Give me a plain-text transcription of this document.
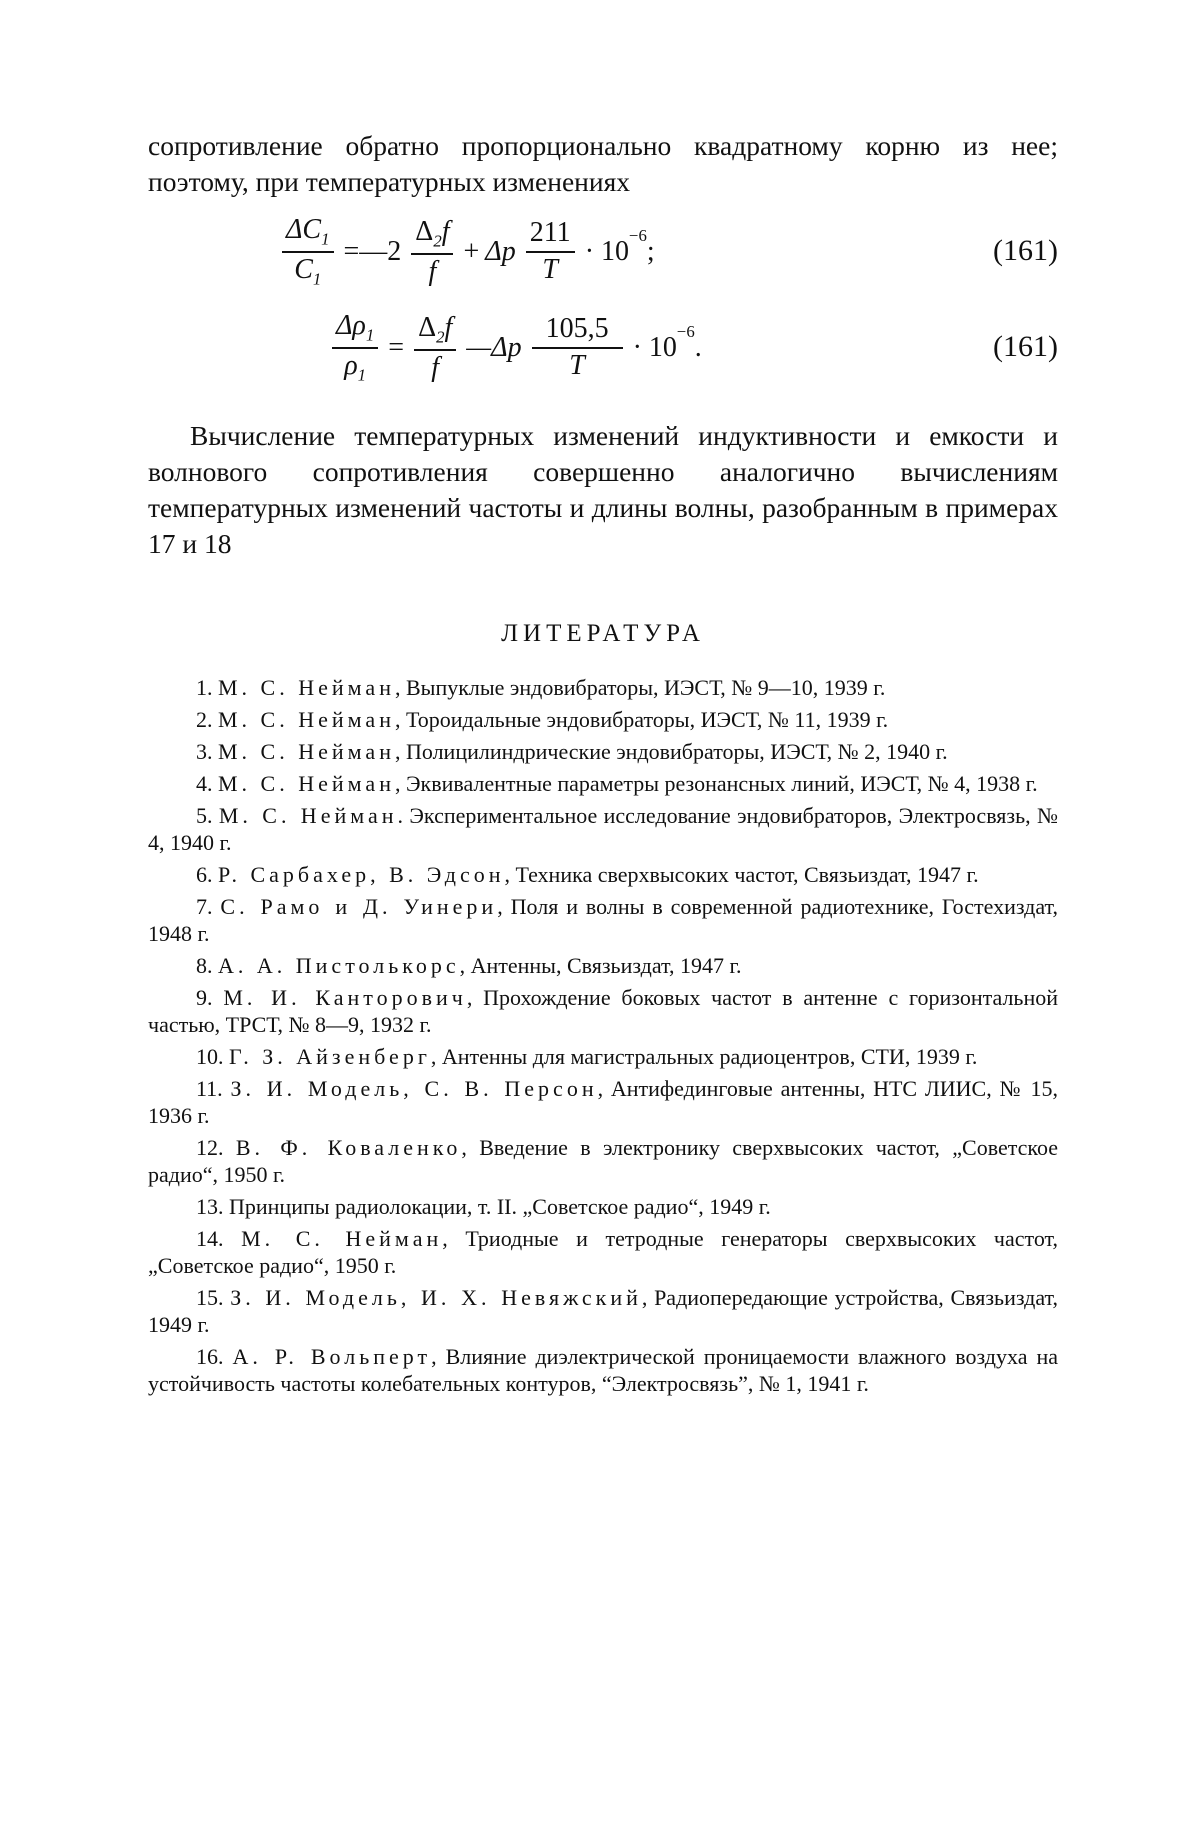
сопротивление обратно пропорционально квадратному корню из нее; поэтому, при температурных изменениях

$\frac{\Delta C_1}{C_1}$ =—2 $\frac{\Delta_2f}{f} + \Delta p \frac{211}{T} \cdot 10$
$^{-6}$
;	(161)
$\frac{\Delta\rho_1}{\rho_1} = \frac{\Delta_2f}{f}$ —Δp $\frac{105,5}{T} \cdot 10$
$^{-6}$
.	(161)

Вычисление температурных изменений индуктивности и емкости и волнового сопротивления совершенно аналогично вычислениям температурных изменений частоты и длины волны, разобранным в примерах 17 и 18

ЛИТЕРАТУРА

1. М. С. Нейман, Выпуклые эндовибраторы, ИЭСТ, № 9—10, 1939 г.

2. М. С. Нейман, Тороидальные эндовибраторы, ИЭСТ, № 11, 1939 г.

3. М. С. Нейман, Полицилиндрические эндовибраторы, ИЭСТ, № 2, 1940 г.

4. М. С. Нейман, Эквивалентные параметры резонансных линий, ИЭСТ, № 4, 1938 г.

5. М. С. Нейман. Экспериментальное исследование эндовибраторов, Электросвязь, № 4, 1940 г.

6. Р. Сарбахер, В. Эдсон, Техника сверхвысоких частот, Связьиздат, 1947 г.

7. С. Рамо и Д. Уинери, Поля и волны в современной радиотехнике, Гостехиздат, 1948 г.

8. А. А. Пистолькорс, Антенны, Связьиздат, 1947 г.

9. М. И. Канторович, Прохождение боковых частот в антенне с горизонтальной частью, ТРСТ, № 8—9, 1932 г.

10. Г. З. Айзенберг, Антенны для магистральных радиоцентров, СТИ, 1939 г.

11. З. И. Модель, С. В. Персон, Антифединговые антенны, НТС ЛИИС, № 15, 1936 г.

12. В. Ф. Коваленко, Введение в электронику сверхвысоких частот, „Советское радио“, 1950 г.

13. Принципы радиолокации, т. II. „Советское радио“, 1949 г.

14. М. С. Нейман, Триодные и тетродные генераторы сверхвысоких частот, „Советское радио“, 1950 г.

15. З. И. Модель, И. Х. Невяжский, Радиопередающие устройства, Связьиздат, 1949 г.

16. А. Р. Вольперт, Влияние диэлектрической проницаемости влажного воздуха на устойчивость частоты колебательных контуров, “Электросвязь”, № 1, 1941 г.
